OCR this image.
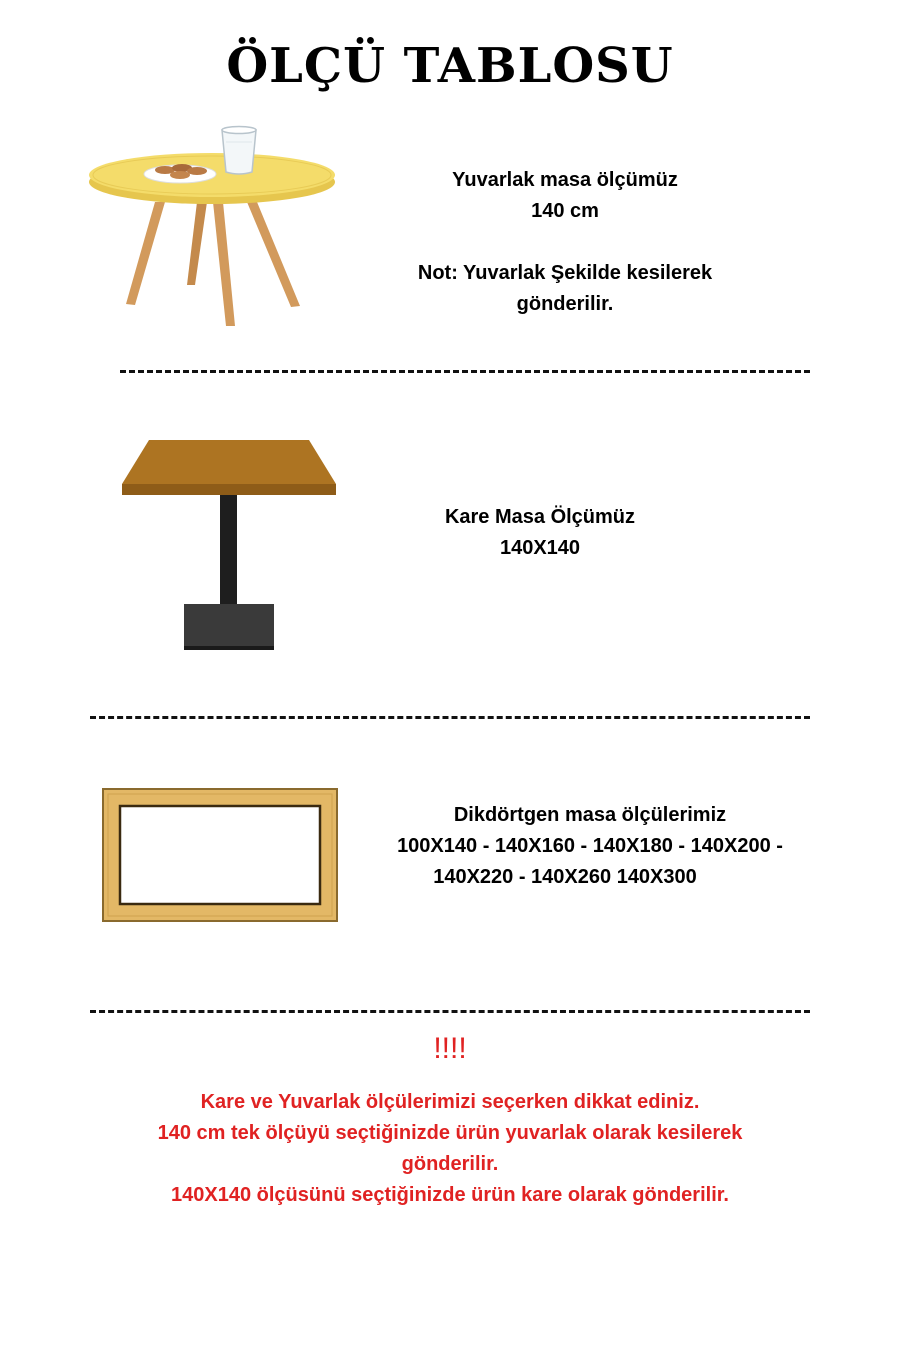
ÖLÇÜ TABLOSU
Yuvarlak masa ölçümüz
140 cm
Not: Yuvarlak Şekilde kesilerek
gönderilir.
Kare Masa Ölçümüz
140X140
Dikdörtgen masa ölçülerimiz
100X140 - 140X160 - 140X180 - 140X200 -
140X220 - 140X260 140X300
!!!!
Kare ve Yuvarlak ölçülerimizi seçerken dikkat ediniz.
140 cm tek ölçüyü seçtiğinizde ürün yuvarlak olarak kesilerek
gönderilir.
140X140 ölçüsünü seçtiğinizde ürün kare olarak gönderilir.
